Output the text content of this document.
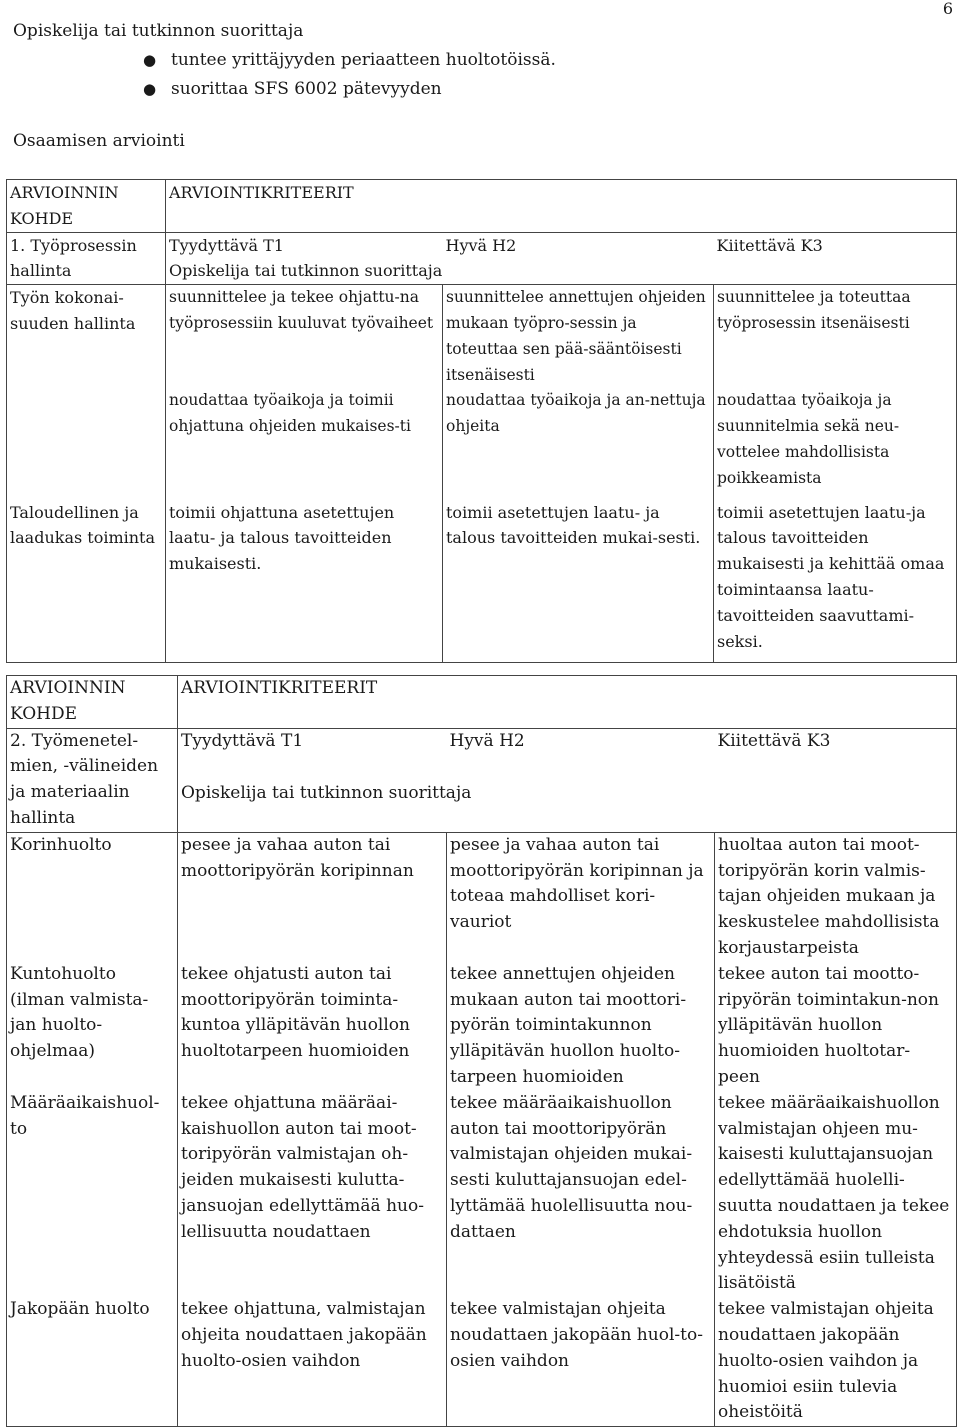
6

Opiskelija tai tutkinnon suorittaja

● tuntee yrittäjyyden periaatteen huoltotöissä.
● suorittaa SFS 6002 pätevyyden

Osaamisen arviointi

ARVIOINNIN KOHDE	ARVIOINTIKRITEERIT		
1. Työprosessin hallinta	Tyydyttävä T1	Hyvä H2	Kiitettävä K3
	Opiskelija tai tutkinnon suorittaja		
Työn kokonai-suuden hallinta	suunnittelee ja tekee ohjattu-na työprosessiin kuuluvat työvaiheet	suunnittelee annettujen ohjeiden mukaan työpro-sessin ja toteuttaa sen pää-sääntöisesti itsenäisesti	suunnittelee ja toteuttaa työprosessin itsenäisesti
	noudattaa työaikoja ja toimii ohjattuna ohjeiden mukaises-ti	noudattaa työaikoja ja an-nettuja ohjeita	noudattaa työaikoja ja suunnitelmia sekä neu-vottelee mahdollisista poikkeamista
Taloudellinen ja laadukas toiminta	toimii ohjattuna asetettujen laatu- ja talous tavoitteiden mukaisesti.	toimii asetettujen laatu- ja talous tavoitteiden mukai-sesti.	toimii asetettujen laatu-ja talous tavoitteiden mukaisesti ja kehittää omaa toimintaansa laatu-tavoitteiden saavuttami-seksi.
ARVIOINNIN KOHDE	ARVIOINTIKRITEERIT		
2. Työmenetel-mien, -välineiden ja materiaalin hallinta	Tyydyttävä T1	Hyvä H2	Kiitettävä K3
	Opiskelija tai tutkinnon suorittaja		
Korinhuolto	pesee ja vahaa auton tai moottoripyörän koripinnan	pesee ja vahaa auton tai moottoripyörän koripinnan ja toteaa mahdolliset kori-vauriot	huoltaa auton tai moot-toripyörän korin valmis-tajan ohjeiden mukaan ja keskustelee mahdollisista korjaustarpeista
Kuntohuolto (ilman valmista-jan huolto-ohjelmaa)	tekee ohjatusti auton tai moottoripyörän toiminta-kuntoa ylläpitävän huollon huoltotarpeen huomioiden	tekee annettujen ohjeiden mukaan auton tai moottori-pyörän toimintakunnon ylläpitävän huollon huolto-tarpeen huomioiden	tekee auton tai mootto-ripyörän toimintakun-non ylläpitävän huollon huomioiden huoltotar-peen
Määräaikaishuol-to	tekee ohjattuna määräai-kaishuollon auton tai moot-toripyörän valmistajan oh-jeiden mukaisesti kulutta-jansuojan edellyttämää huo-lellisuutta noudattaen	tekee määräaikaishuollon auton tai moottoripyörän valmistajan ohjeiden mukai-sesti kuluttajansuojan edel-lyttämää huolellisuutta nou-dattaen	tekee määräaikaishuollon valmistajan ohjeen mu-kaisesti kuluttajansuojan edellyttämää huolelli-suutta noudattaen ja tekee ehdotuksia huollon yhteydessä esiin tulleista lisätöistä
Jakopään huolto	tekee ohjattuna, valmistajan ohjeita noudattaen jakopään huolto-osien vaihdon	tekee valmistajan ohjeita noudattaen jakopään huol-to-osien vaihdon	tekee valmistajan ohjeita noudattaen jakopään huolto-osien vaihdon ja huomioi esiin tulevia oheistöitä
